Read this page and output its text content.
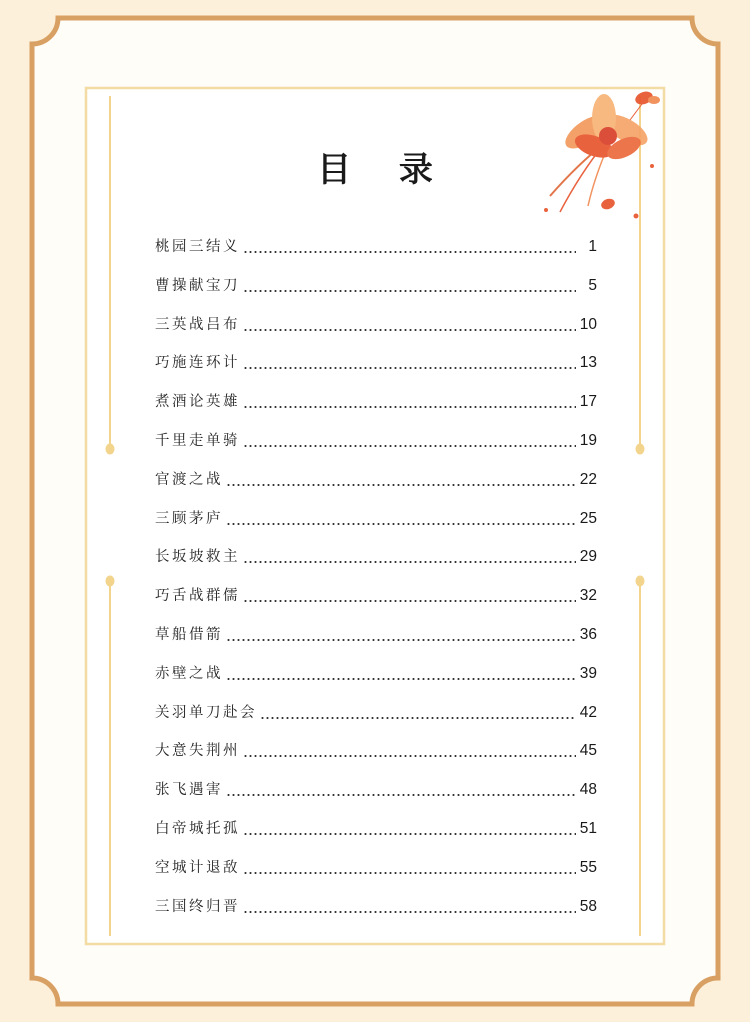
目 录
桃园三结义	1
曹操献宝刀	5
三英战吕布	10
巧施连环计	13
煮酒论英雄	17
千里走单骑	19
官渡之战	22
三顾茅庐	25
长坂坡救主	29
巧舌战群儒	32
草船借箭	36
赤壁之战	39
关羽单刀赴会	42
大意失荆州	45
张飞遇害	48
白帝城托孤	51
空城计退敌	55
三国终归晋	58
